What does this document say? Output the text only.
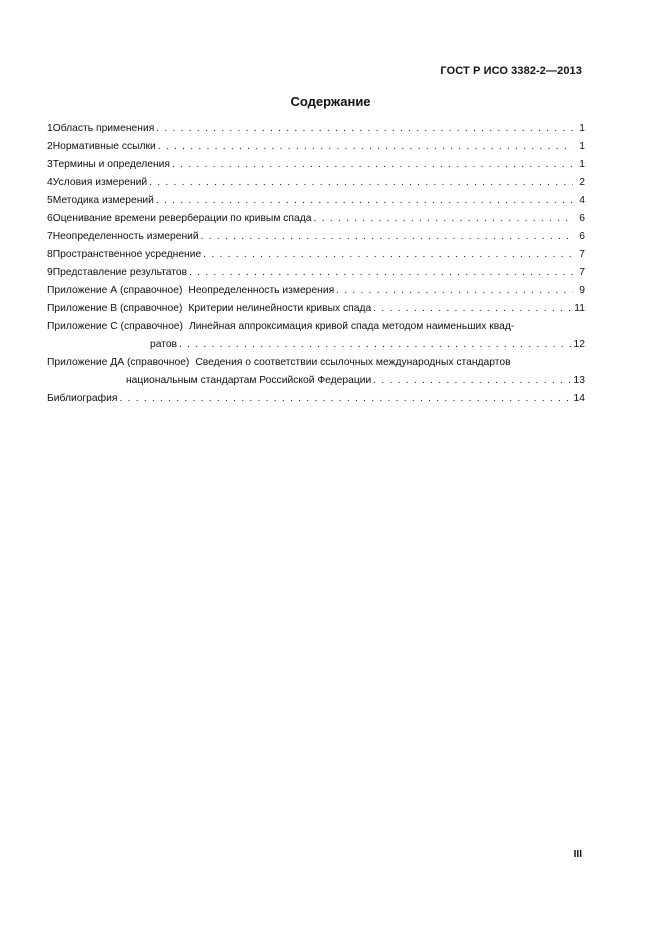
ГОСТ Р ИСО 3382-2—2013
Содержание
1 Область применения . . .	1
2 Нормативные ссылки . . .	1
3 Термины и определения . . .	1
4 Условия измерений . . .	2
5 Методика измерений . . .	4
6 Оценивание времени реверберации по кривым спада . . .	6
7 Неопределенность измерений . . .	6
8 Пространственное усреднение . . .	7
9 Представление результатов . . .	7
Приложение А (справочное) Неопределенность измерения . . .	9
Приложение В (справочное) Критерии нелинейности кривых спада . . .	11
Приложение С (справочное) Линейная аппроксимация кривой спада методом наименьших квад-
ратов . . .	12
Приложение ДА (справочное) Сведения о соответствии ссылочных международных стандартов
национальным стандартам Российской Федерации . . .	13
Библиография . . .	14
III
